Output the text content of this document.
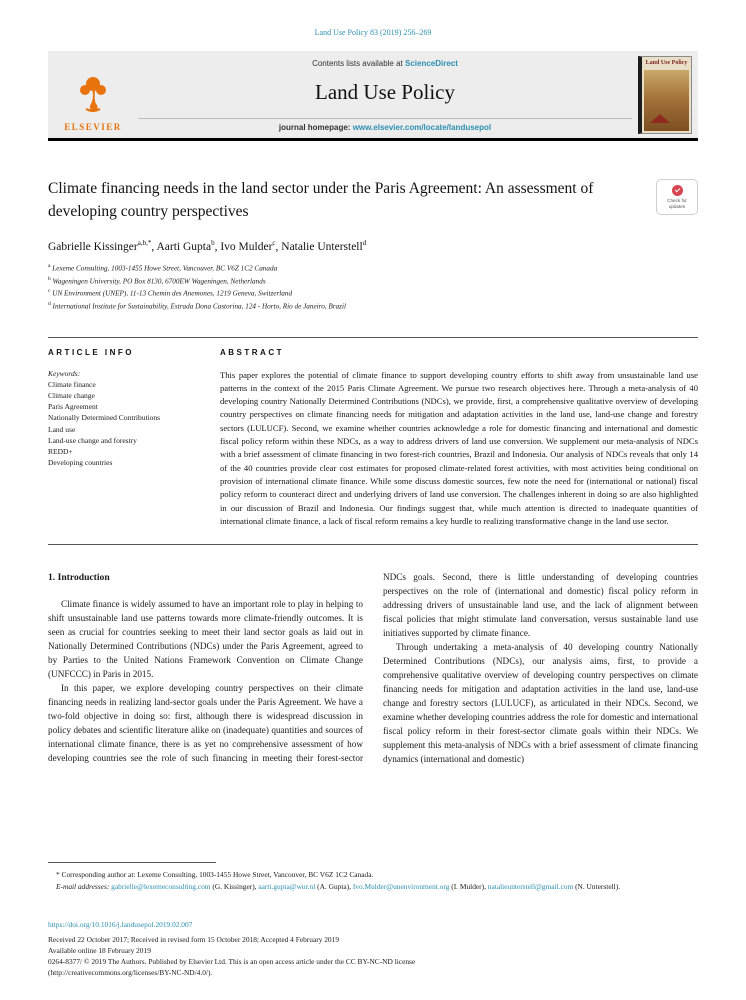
Land Use Policy 83 (2019) 256–269
ELSEVIER
Contents lists available at ScienceDirect
Land Use Policy
journal homepage: www.elsevier.com/locate/landusepol
Land Use Policy
Climate financing needs in the land sector under the Paris Agreement: An assessment of developing country perspectives
Check for updates
Gabrielle Kissinger$^{a,b,*}$ , Aarti Gupta$^b$ , Ivo Mulder$^c$ , Natalie Unterstell$^d$
$^a$ Lexeme Consulting, 1003-1455 Howe Street, Vancouver, BC V6Z 1C2 Canada
$^b$ Wageningen University, PO Box 8130, 6700EW Wageningen, Netherlands
$^c$ UN Environment (UNEP), 11-13 Chemin des Anemones, 1219 Geneva, Switzerland
$^d$ International Institute for Sustainability, Estrada Dona Castorina, 124 - Horto, Rio de Janeiro, Brazil
ARTICLE INFO
Keywords:
Climate finance
Climate change
Paris Agreement
Nationally Determined Contributions
Land use
Land-use change and forestry
REDD+
Developing countries
ABSTRACT
This paper explores the potential of climate finance to support developing country efforts to shift away from unsustainable land use patterns in the context of the 2015 Paris Climate Agreement. We pursue two research objectives here. Through a meta-analysis of 40 developing country Nationally Determined Contributions (NDCs), we provide, first, a comprehensive qualitative overview of developing country perspectives on climate financing needs for mitigation and adaptation activities in the land use, land-use change and forestry sectors (LULUCF). Second, we examine whether countries acknowledge a role for domestic financing and international and domestic fiscal policy reform within these NDCs, as a way to address drivers of land use conversion. We supplement our meta-analysis of NDCs with a brief assessment of climate financing in two forest-rich countries, Brazil and Indonesia. Our analysis of NDCs reveals that only 14 of the 40 countries provide clear cost estimates for proposed climate-related forest activities, with most activities being conditional on provision of international climate finance. While some discuss domestic sources, few note the need for (international or national) fiscal policy reform to counteract direct and underlying drivers of land use conversion. The challenges inherent in doing so are also highlighted in our discussion of Brazil and Indonesia. Our findings suggest that, while much attention is directed to inadequate quantities of international climate finance, a lack of fiscal reform remains a key hurdle to realizing transformative change in the land use sector.
1. Introduction

Climate finance is widely assumed to have an important role to play in helping to shift unsustainable land use patterns towards more climate-friendly outcomes. It is seen as crucial for countries seeking to meet their land sector goals as laid out in Nationally Determined Contributions (NDCs) under the Paris Agreement, agreed to by Parties to the United Nations Framework Convention on Climate Change (UNFCCC) in Paris in 2015.

In this paper, we explore developing country perspectives on their climate financing needs in realizing land-sector goals under the Paris Agreement. We have a two-fold objective in doing so: first, although there is widespread discussion in policy debates and scientific literature alike on (inadequate) quantities and sources of international climate finance, there is as yet no comprehensive assessment of how developing countries see the role of such financing in meeting their forest-sector NDCs goals. Second, there is little understanding of developing countries perspectives on the role of (international and domestic) fiscal policy reform in addressing drivers of unsustainable land use, and the lack of alignment between fiscal policies that might stimulate land conversation, versus sustainable land use initiatives supported by climate finance.

Through undertaking a meta-analysis of 40 developing country Nationally Determined Contributions (NDCs), our analysis aims, first, to provide a comprehensive qualitative overview of developing country perspectives on climate financing needs for mitigation and adaptation activities in the land use, land-use change and forestry sectors (LULUCF), as articulated in their NDCs. Second, we examine whether developing countries address the role for domestic and international fiscal policy reform in their forest-sector climate goals within their NDCs. We supplement this meta-analysis of NDCs with a brief assessment of climate financing dynamics (international and domestic)

* Corresponding author at: Lexeme Consulting, 1003-1455 Howe Street, Vancouver, BC V6Z 1C2 Canada.
E-mail addresses: gabrielle@lexemeconsulting.com (G. Kissinger), aarti.gupta@wur.nl (A. Gupta), Ivo.Mulder@unenvironment.org (I. Mulder), natalieunterstell@gmail.com (N. Unterstell).
https://doi.org/10.1016/j.landusepol.2019.02.007
Received 22 October 2017; Received in revised form 15 October 2018; Accepted 4 February 2019
Available online 18 February 2019
0264-8377/ © 2019 The Authors. Published by Elsevier Ltd. This is an open access article under the CC BY-NC-ND license
(http://creativecommons.org/licenses/BY-NC-ND/4.0/).
